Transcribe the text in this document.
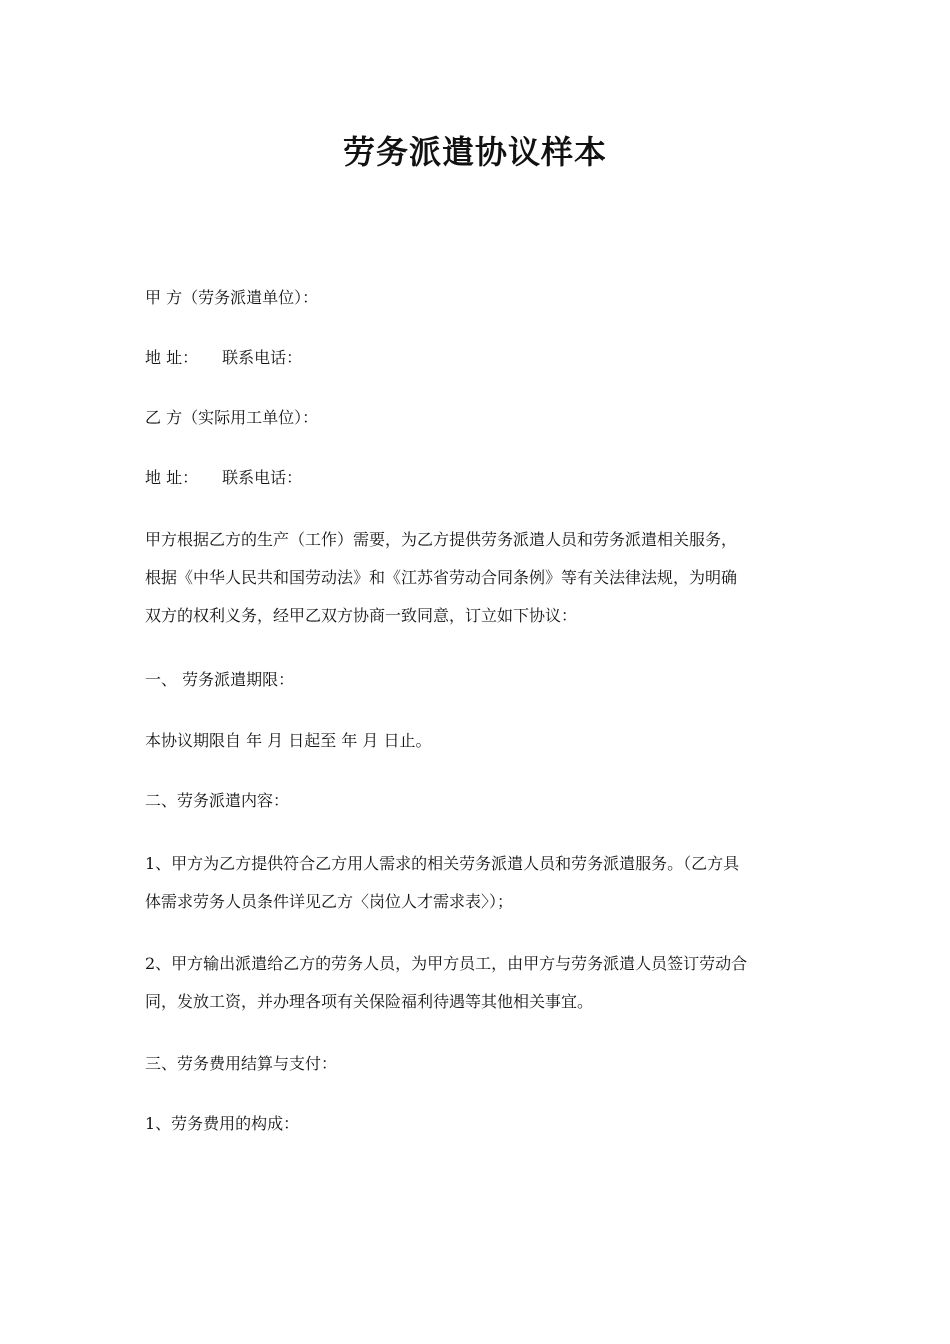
劳务派遣协议样本

甲 方（劳务派遣单位）：

地 址： 联系电话：

乙 方（实际用工单位）：

地 址： 联系电话：

甲方根据乙方的生产（工作）需要，为乙方提供劳务派遣人员和劳务派遣相关服务，
根据《中华人民共和国劳动法》和《江苏省劳动合同条例》等有关法律法规，为明确
双方的权利义务，经甲乙双方协商一致同意，订立如下协议：

一、 劳务派遣期限：

本协议期限自 年 月 日起至 年 月 日止。

二、劳务派遣内容：

1、甲方为乙方提供符合乙方用人需求的相关劳务派遣人员和劳务派遣服务。（乙方具
体需求劳务人员条件详见乙方〈岗位人才需求表〉）；
2、甲方输出派遣给乙方的劳务人员，为甲方员工，由甲方与劳务派遣人员签订劳动合
同，发放工资，并办理各项有关保险福利待遇等其他相关事宜。

三、劳务费用结算与支付：

1、劳务费用的构成：
